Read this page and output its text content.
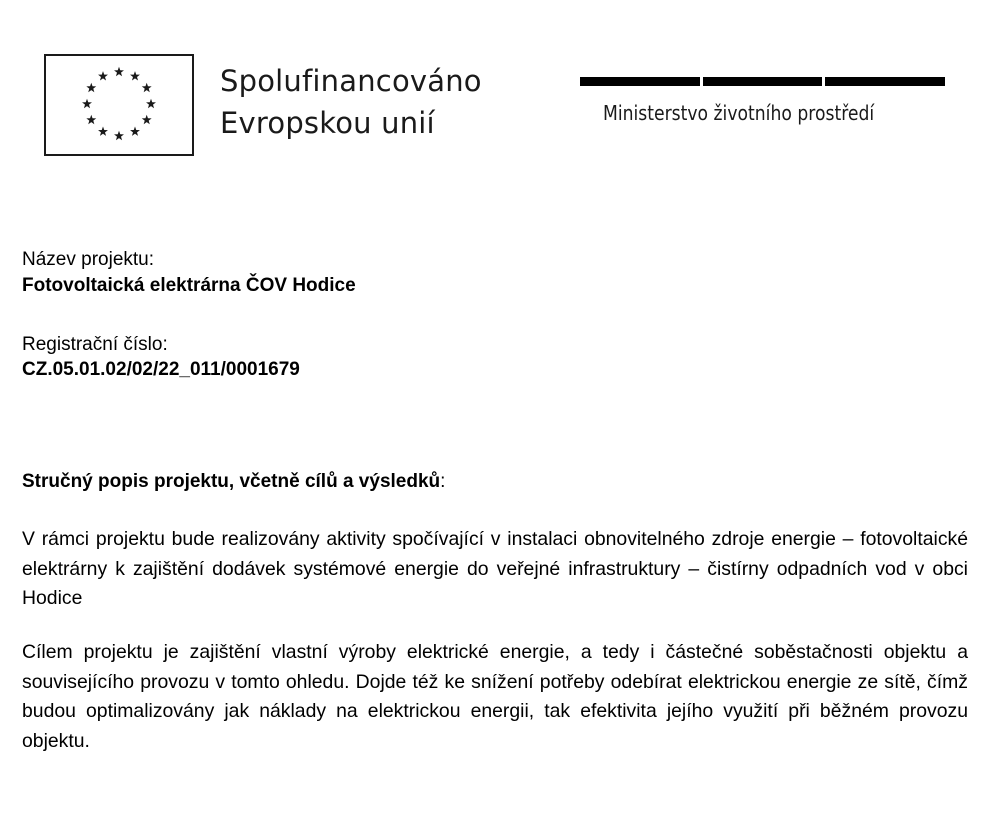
Spolufinancováno
Evropskou unií	Ministerstvo životního prostředí
Název projektu:
Fotovoltaická elektrárna ČOV Hodice
Registrační číslo:
CZ.05.01.02/02/22_011/0001679
Stručný popis projektu, včetně cílů a výsledků:
V rámci projektu bude realizovány aktivity spočívající v instalaci obnovitelného zdroje energie – fotovoltaické elektrárny k zajištění dodávek systémové energie do veřejné infrastruktury – čistírny odpadních vod v obci Hodice
Cílem projektu je zajištění vlastní výroby elektrické energie, a tedy i částečné soběstačnosti objektu a souvisejícího provozu v tomto ohledu. Dojde též ke snížení potřeby odebírat elektrickou energie ze sítě, čímž budou optimalizovány jak náklady na elektrickou energii, tak efektivita jejího využití při běžném provozu objektu.
